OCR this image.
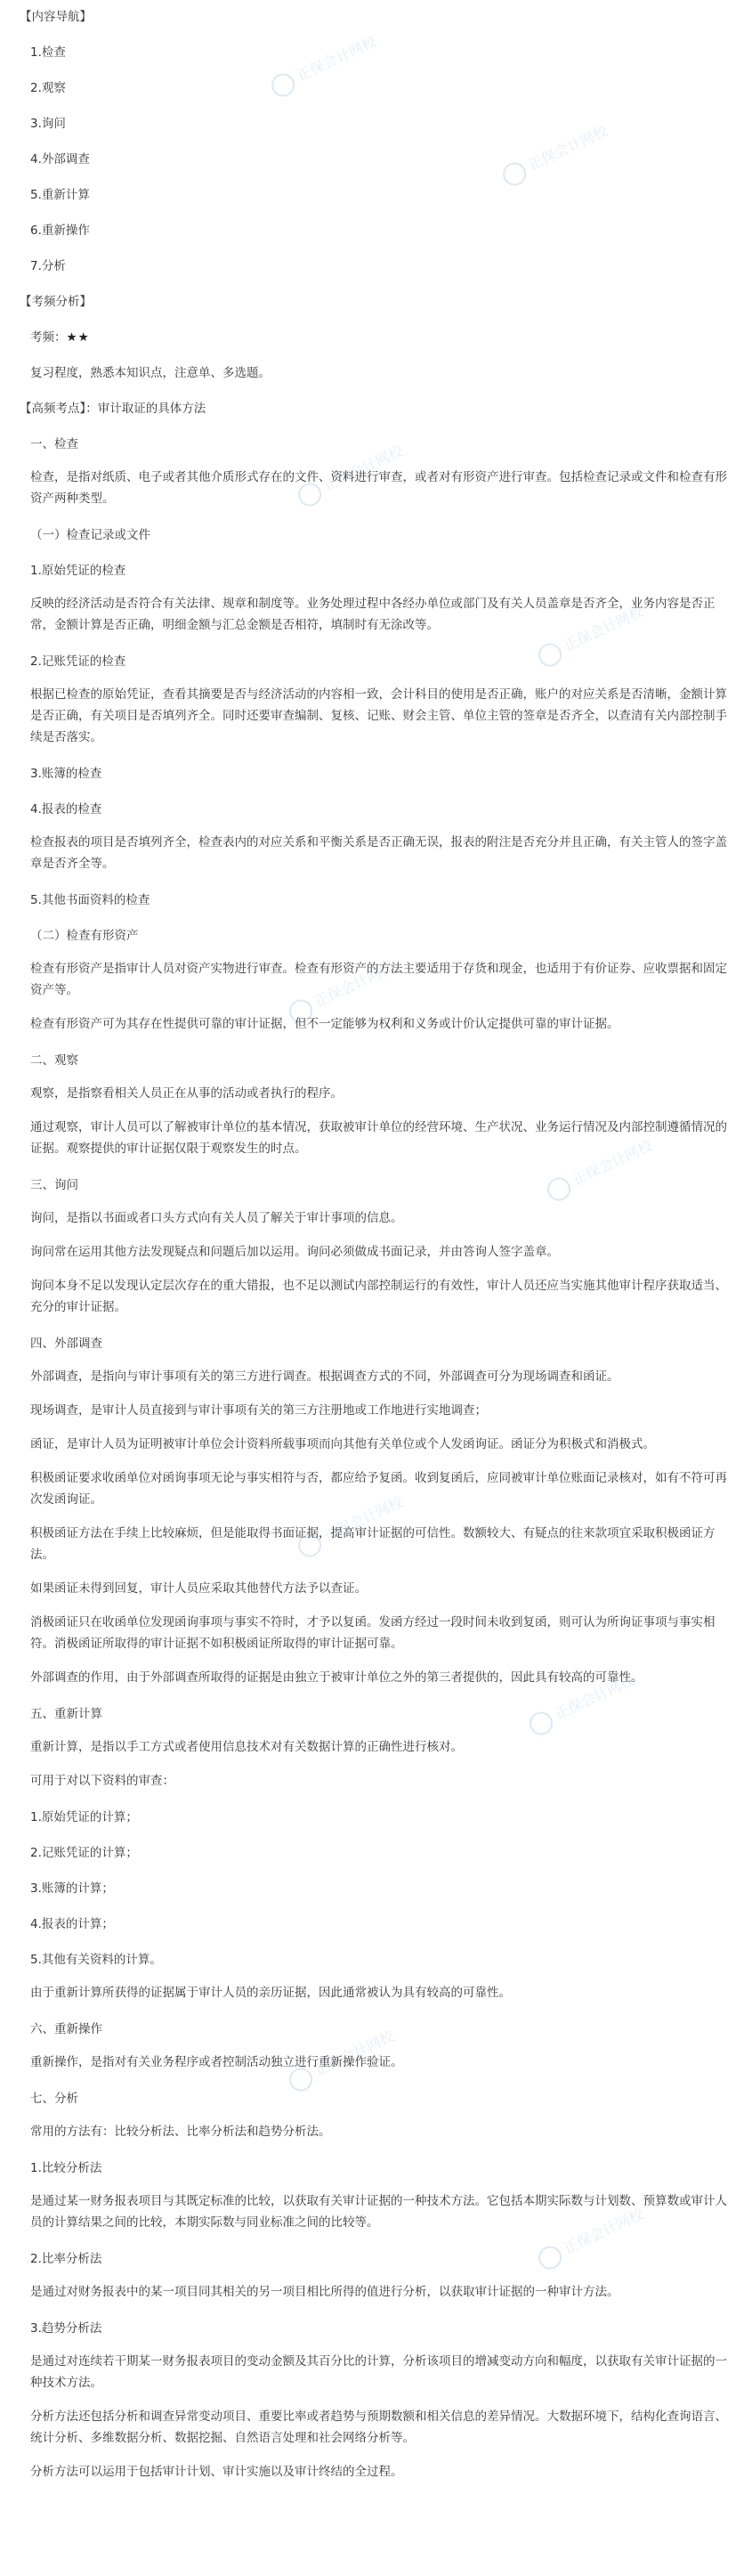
正保会计网校
正保会计网校
正保会计网校
正保会计网校
正保会计网校
正保会计网校
正保会计网校
正保会计网校
正保会计网校
正保会计网校

【内容导航】

1.检查

2.观察

3.询问

4.外部调查

5.重新计算

6.重新操作

7.分析

【考频分析】

考频：★★

复习程度，熟悉本知识点，注意单、多选题。

【高频考点】：审计取证的具体方法

一、检查

检查，是指对纸质、电子或者其他介质形式存在的文件、资料进行审查，或者对有形资产进行审查。包括检查记录或文件和检查有形资产两种类型。

（一）检查记录或文件

1.原始凭证的检查

反映的经济活动是否符合有关法律、规章和制度等。业务处理过程中各经办单位或部门及有关人员盖章是否齐全，业务内容是否正常，金额计算是否正确，明细金额与汇总金额是否相符，填制时有无涂改等。

2.记账凭证的检查

根据已检查的原始凭证，查看其摘要是否与经济活动的内容相一致，会计科目的使用是否正确，账户的对应关系是否清晰，金额计算是否正确，有关项目是否填列齐全。同时还要审查编制、复核、记账、财会主管、单位主管的签章是否齐全，以查清有关内部控制手续是否落实。

3.账簿的检查

4.报表的检查

检查报表的项目是否填列齐全，检查表内的对应关系和平衡关系是否正确无误，报表的附注是否充分并且正确，有关主管人的签字盖章是否齐全等。

5.其他书面资料的检查

（二）检查有形资产

检查有形资产是指审计人员对资产实物进行审查。检查有形资产的方法主要适用于存货和现金，也适用于有价证券、应收票据和固定资产等。

检查有形资产可为其存在性提供可靠的审计证据，但不一定能够为权利和义务或计价认定提供可靠的审计证据。

二、观察

观察，是指察看相关人员正在从事的活动或者执行的程序。

通过观察，审计人员可以了解被审计单位的基本情况，获取被审计单位的经营环境、生产状况、业务运行情况及内部控制遵循情况的证据。观察提供的审计证据仅限于观察发生的时点。

三、询问

询问，是指以书面或者口头方式向有关人员了解关于审计事项的信息。

询问常在运用其他方法发现疑点和问题后加以运用。询问必须做成书面记录，并由答询人签字盖章。

询问本身不足以发现认定层次存在的重大错报，也不足以测试内部控制运行的有效性，审计人员还应当实施其他审计程序获取适当、充分的审计证据。

四、外部调查

外部调查，是指向与审计事项有关的第三方进行调查。根据调查方式的不同，外部调查可分为现场调查和函证。

现场调查，是审计人员直接到与审计事项有关的第三方注册地或工作地进行实地调查；

函证，是审计人员为证明被审计单位会计资料所载事项而向其他有关单位或个人发函询证。函证分为积极式和消极式。

积极函证要求收函单位对函询事项无论与事实相符与否，都应给予复函。收到复函后，应同被审计单位账面记录核对，如有不符可再次发函询证。

积极函证方法在手续上比较麻烦，但是能取得书面证据，提高审计证据的可信性。数额较大、有疑点的往来款项宜采取积极函证方法。

如果函证未得到回复，审计人员应采取其他替代方法予以查证。

消极函证只在收函单位发现函询事项与事实不符时，才予以复函。发函方经过一段时间未收到复函，则可认为所询证事项与事实相符。消极函证所取得的审计证据不如积极函证所取得的审计证据可靠。

外部调查的作用，由于外部调查所取得的证据是由独立于被审计单位之外的第三者提供的，因此具有较高的可靠性。

五、重新计算

重新计算，是指以手工方式或者使用信息技术对有关数据计算的正确性进行核对。

可用于对以下资料的审查：

1.原始凭证的计算；

2.记账凭证的计算；

3.账簿的计算；

4.报表的计算；

5.其他有关资料的计算。

由于重新计算所获得的证据属于审计人员的亲历证据，因此通常被认为具有较高的可靠性。

六、重新操作

重新操作，是指对有关业务程序或者控制活动独立进行重新操作验证。

七、分析

常用的方法有：比较分析法、比率分析法和趋势分析法。

1.比较分析法

是通过某一财务报表项目与其既定标准的比较，以获取有关审计证据的一种技术方法。它包括本期实际数与计划数、预算数或审计人员的计算结果之间的比较，本期实际数与同业标准之间的比较等。

2.比率分析法

是通过对财务报表中的某一项目同其相关的另一项目相比所得的值进行分析，以获取审计证据的一种审计方法。

3.趋势分析法

是通过对连续若干期某一财务报表项目的变动金额及其百分比的计算，分析该项目的增减变动方向和幅度，以获取有关审计证据的一种技术方法。

分析方法还包括分析和调查异常变动项目、重要比率或者趋势与预期数额和相关信息的差异情况。大数据环境下，结构化查询语言、统计分析、多维数据分析、数据挖掘、自然语言处理和社会网络分析等。

分析方法可以运用于包括审计计划、审计实施以及审计终结的全过程。
